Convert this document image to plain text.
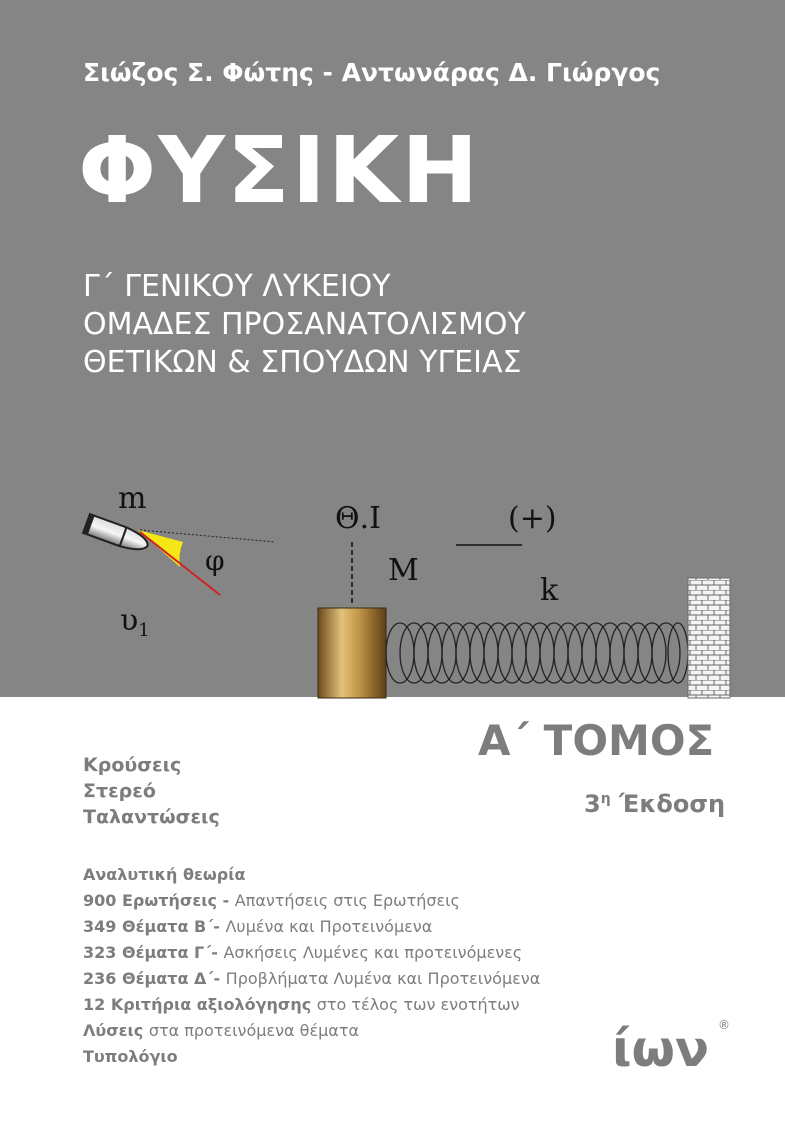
Σιώζος Σ. Φώτης - Αντωνάρας Δ. Γιώργος
ΦΥΣΙΚΗ
Γ΄ ΓΕΝΙΚΟΥ ΛΥΚΕΙΟΥ
ΟΜΑΔΕΣ ΠΡΟΣΑΝΑΤΟΛΙΣΜΟΥ
ΘΕΤΙΚΩΝ & ΣΠΟΥΔΩΝ ΥΓΕΙΑΣ
m
φ
$\upsilon_1$
Θ.Ι
M
(+)
k
Α΄ ΤΟΜΟΣ
$3^\eta$ Έκδοση
Κρούσεις
Στερεό
Ταλαντώσεις
Αναλυτική θεωρία
900 Ερωτήσεις - Απαντήσεις στις Ερωτήσεις
349 Θέματα Β΄- Λυμένα και Προτεινόμενα
323 Θέματα Γ΄- Ασκήσεις Λυμένες και προτεινόμενες
236 Θέματα Δ΄- Προβλήματα Λυμένα και Προτεινόμενα
12 Κριτήρια αξιολόγησης στο τέλος των ενοτήτων
Λύσεις στα προτεινόμενα θέματα
Τυπολόγιο	ίων ®
